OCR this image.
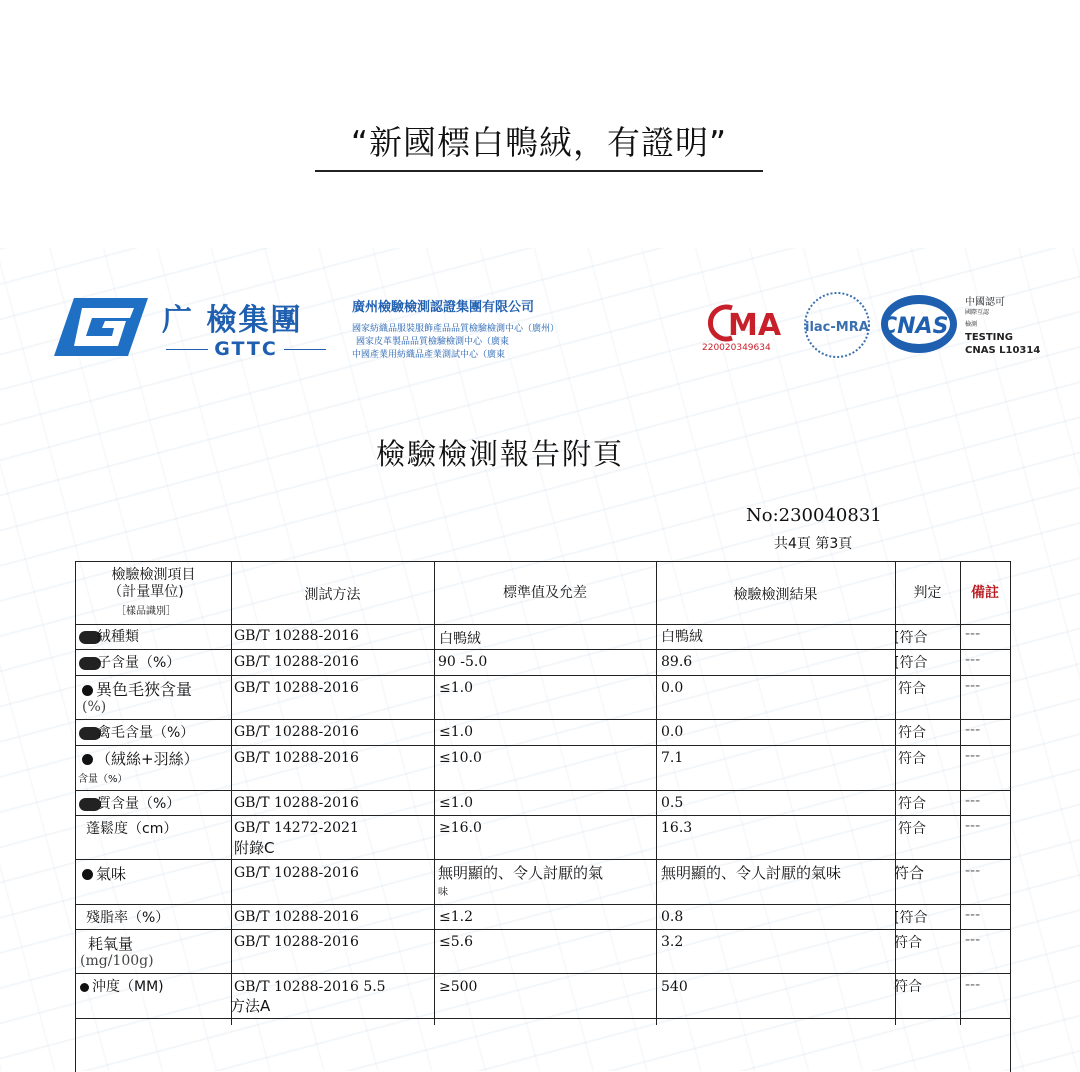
“新國標白鴨絨，有證明”
广 檢集團
GTTC
廣州檢驗檢測認證集團有限公司
國家紡織品服裝服飾產品品質檢驗檢測中心（廣州）
國家皮革製品品質檢驗檢測中心（廣東
中國產業用紡織品產業測試中心（廣東
MA
220020349634
ilac-MRA CNAS
中國認可
國際互認
檢測
TESTING
CNAS L10314
檢驗檢測報告附頁
No:230040831
共4頁 第3頁
檢驗檢測項目
（計量單位)
［樣品識別］
測試方法	標準值及允差	檢驗檢測結果	判定	備註
絨種類	GB/T 10288-2016	白鴨絨	白鴨絨	[符合	---
子含量（%）	GB/T 10288-2016	90 -5.0	89.6	[符合	---
異色毛狹含量
(%)
GB/T 10288-2016	≤1.0	0.0	符合	---
禽毛含量（%）	GB/T 10288-2016	≤1.0	0.0	符合	---
（絨絲+羽絲）
含量（%）
GB/T 10288-2016	≤10.0	7.1	符合	---
質含量（%）	GB/T 10288-2016	≤1.0	0.5	符合	---
蓬鬆度（cm）	GB/T 14272-2021
附錄C
≥16.0	16.3	符合	---
氣味	GB/T 10288-2016	無明顯的、令人討厭的氣
味
無明顯的、令人討厭的氣味	符合	---
殘脂率（%）	GB/T 10288-2016	≤1.2	0.8	[符合	---
耗氧量
(mg/100g)
GB/T 10288-2016	≤5.6	3.2	符合	---
沖度（MM)	GB/T 10288-2016 5.5
方法A
≥500	540	符合	---
